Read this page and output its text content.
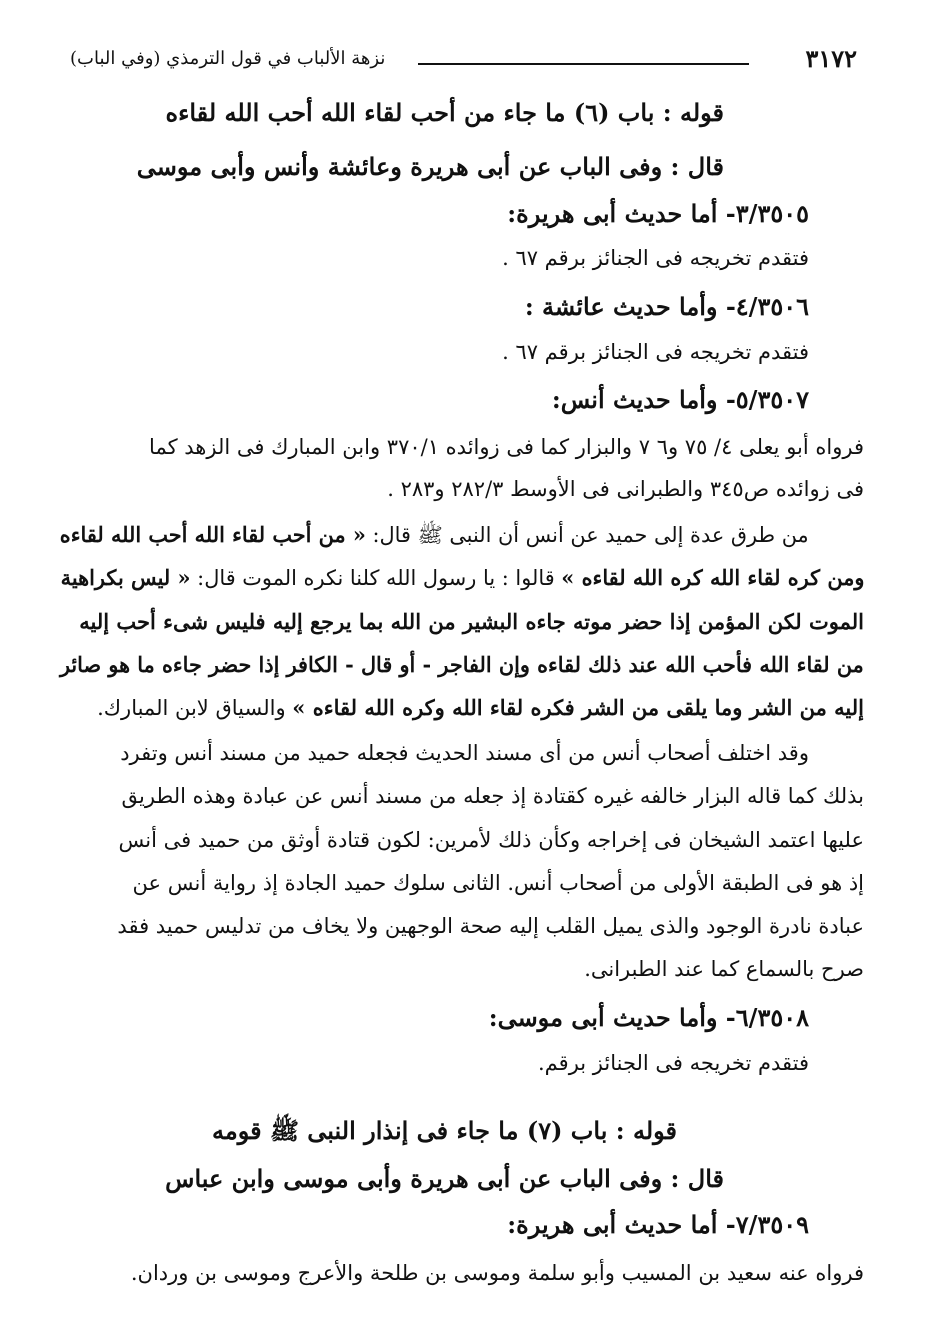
٣١٧٢
نزهة الألباب في قول الترمذي (وفي الباب)
قوله : باب (٦) ما جاء من أحب لقاء الله أحب الله لقاءه
قال : وفى الباب عن أبى هريرة وعائشة وأنس وأبى موسى
٣/٣٥٠٥- أما حديث أبى هريرة:
فتقدم تخريجه فى الجنائز برقم ٦٧ .
٤/٣٥٠٦- وأما حديث عائشة :
فتقدم تخريجه فى الجنائز برقم ٦٧ .
٥/٣٥٠٧- وأما حديث أنس:
فرواه أبو يعلى ٤/ ٧٥ و٦ ٧ والبزار كما فى زوائده ٣٧٠/١ وابن المبارك فى الزهد كما
فى زوائده ص٣٤٥ والطبرانى فى الأوسط ٢٨٢/٣ و٢٨٣ .
من طرق عدة إلى حميد عن أنس أن النبى ﷺ قال: « من أحب لقاء الله أحب الله لقاءه
ومن كره لقاء الله كره الله لقاءه » قالوا : يا رسول الله كلنا نكره الموت قال: « ليس بكراهية
الموت لكن المؤمن إذا حضر موته جاءه البشير من الله بما يرجع إليه فليس شىء أحب إليه
من لقاء الله فأحب الله عند ذلك لقاءه وإن الفاجر - أو قال - الكافر إذا حضر جاءه ما هو صائر
إليه من الشر وما يلقى من الشر فكره لقاء الله وكره الله لقاءه » والسياق لابن المبارك.
وقد اختلف أصحاب أنس من أى مسند الحديث فجعله حميد من مسند أنس وتفرد
بذلك كما قاله البزار خالفه غيره كقتادة إذ جعله من مسند أنس عن عبادة وهذه الطريق
عليها اعتمد الشيخان فى إخراجه وكأن ذلك لأمرين: لكون قتادة أوثق من حميد فى أنس
إذ هو فى الطبقة الأولى من أصحاب أنس. الثانى سلوك حميد الجادة إذ رواية أنس عن
عبادة نادرة الوجود والذى يميل القلب إليه صحة الوجهين ولا يخاف من تدليس حميد فقد
صرح بالسماع كما عند الطبرانى.
٦/٣٥٠٨- وأما حديث أبى موسى:
فتقدم تخريجه فى الجنائز برقم.
قوله : باب (٧) ما جاء فى إنذار النبى ﷺ قومه
قال : وفى الباب عن أبى هريرة وأبى موسى وابن عباس
٧/٣٥٠٩- أما حديث أبى هريرة:
فرواه عنه سعيد بن المسيب وأبو سلمة وموسى بن طلحة والأعرج وموسى بن وردان.
